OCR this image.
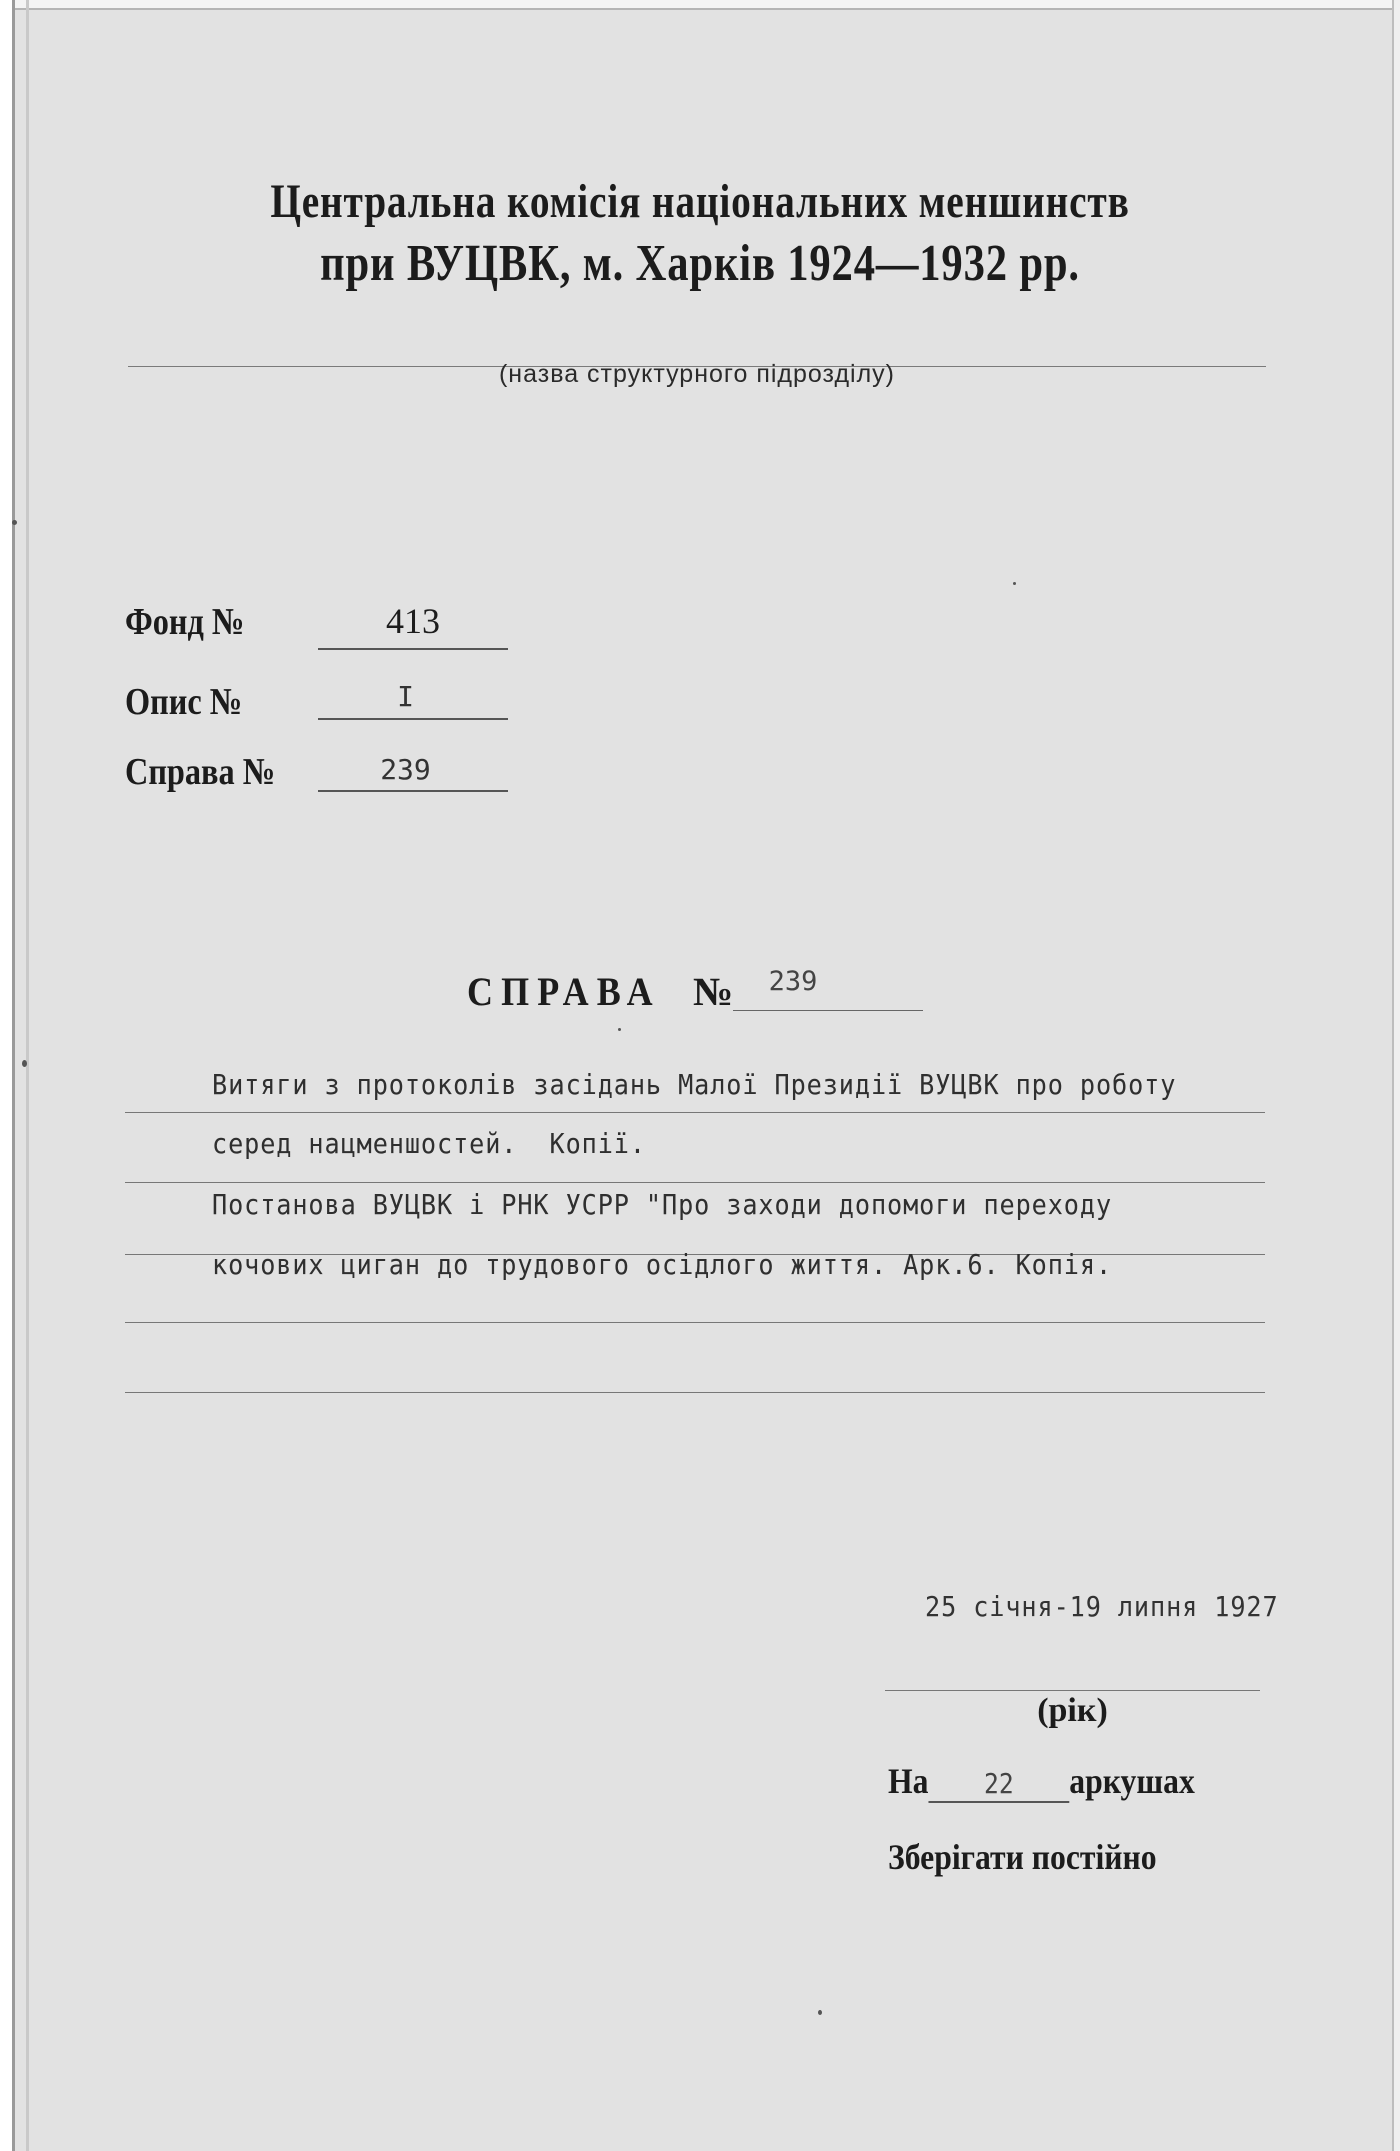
Центральна комісія національних меншинств
при ВУЦВК, м. Харків 1924—1932 рр.
(назва структурного підрозділу)
Фонд №	413
Опис №	I
Справа №	239
СПРАВА №	239
Витяги з протоколів засідань Малої Президії ВУЦВК про роботу
серед нацменшостей.  Копії.
Постанова ВУЦВК і РНК УСРР "Про заходи допомоги переходу
кочових циган до трудового осідлого життя. Арк.6. Копія.
25 січня-19 липня 1927
(рік)
На 22 аркушах
Зберігати постійно
